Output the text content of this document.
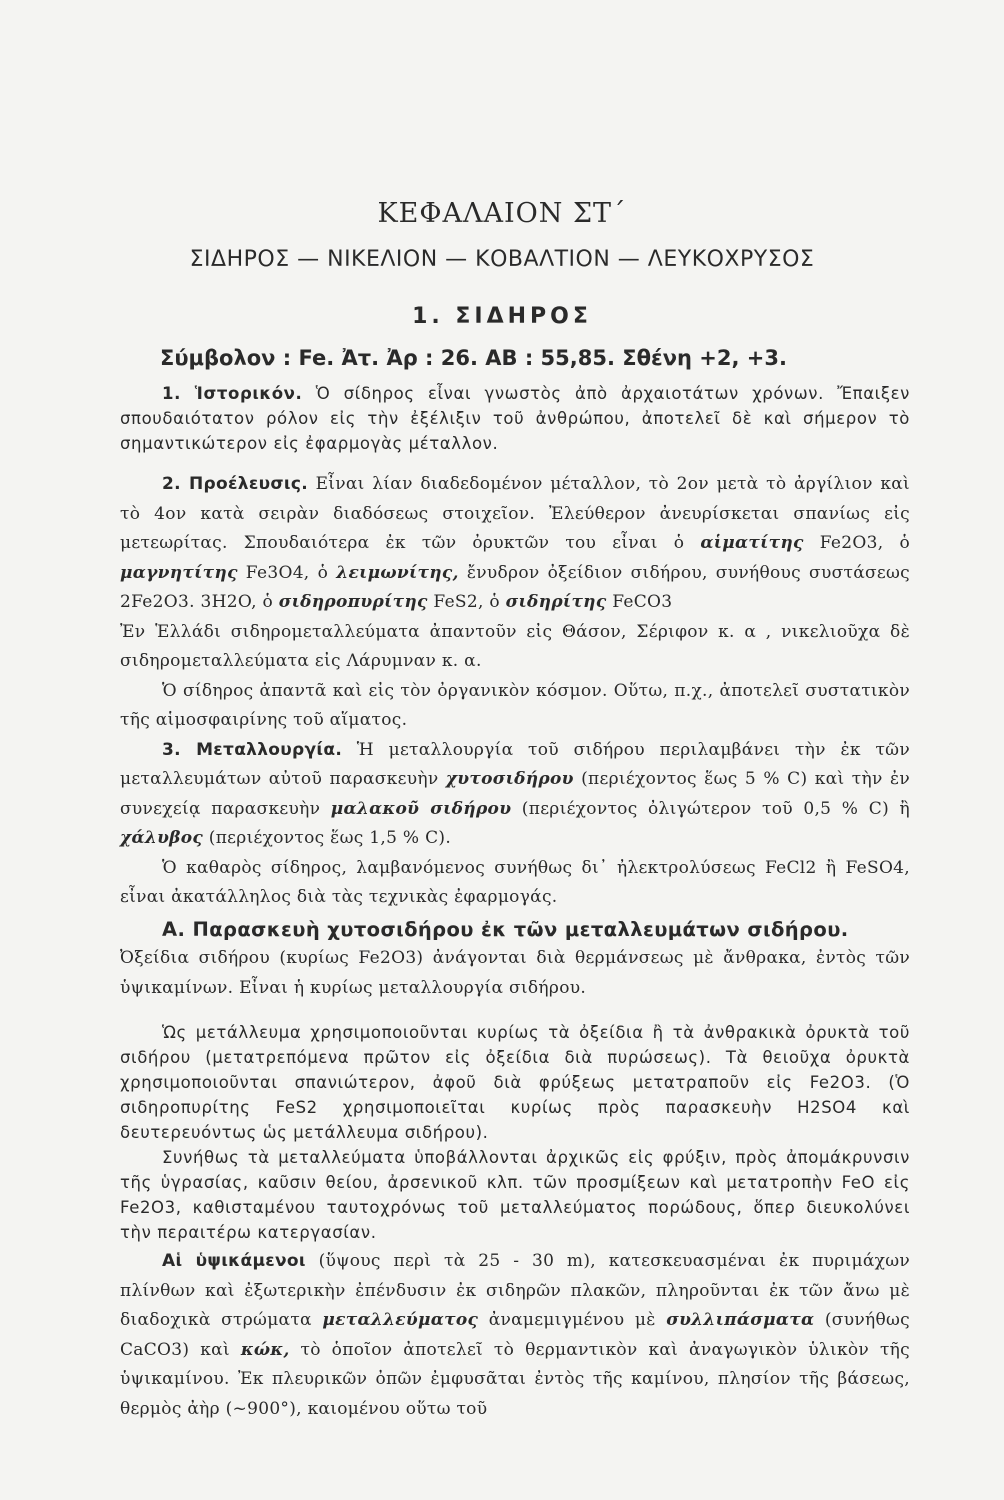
ΚΕΦΑΛΑΙΟΝ ΣΤ΄
ΣΙΔΗΡΟΣ — ΝΙΚΕΛΙΟΝ — ΚΟΒΑΛΤΙΟΝ — ΛΕΥΚΟΧΡΥΣΟΣ
1. ΣΙΔΗΡΟΣ
Σύμβολον : Fe. Ἀτ. Ἀρ : 26. ΑΒ : 55,85. Σθένη +2, +3.

1. Ἱστορικόν. Ὁ σίδηρος εἶναι γνωστὸς ἀπὸ ἀρχαιοτάτων χρόνων. Ἔπαιξεν σπουδαιότατον ρόλον εἰς τὴν ἐξέλιξιν τοῦ ἀνθρώπου, ἀποτελεῖ δὲ καὶ σήμερον τὸ σημαντικώτερον εἰς ἐφαρμογὰς μέταλλον.

2. Προέλευσις. Εἶναι λίαν διαδεδομένον μέταλλον, τὸ 2ον μετὰ τὸ ἀργίλιον καὶ τὸ 4ον κατὰ σειρὰν διαδόσεως στοιχεῖον. Ἐλεύθερον ἀνευρίσκεται σπανίως εἰς μετεωρίτας. Σπουδαιότερα ἐκ τῶν ὀρυκτῶν του εἶναι ὁ αἱματίτης Fe2O3, ὁ μαγνητίτης Fe3O4, ὁ λειμωνίτης, ἔνυδρον ὀξείδιον σιδήρου, συνήθους συστάσεως 2Fe2O3. 3H2O, ὁ σιδηροπυρίτης FeS2, ὁ σιδηρίτης FeCO3

Ἐν Ἑλλάδι σιδηρομεταλλεύματα ἀπαντοῦν εἰς Θάσον, Σέριφον κ. α , νικελιοῦχα δὲ σιδηρομεταλλεύματα εἰς Λάρυμναν κ. α.

Ὁ σίδηρος ἀπαντᾶ καὶ εἰς τὸν ὀργανικὸν κόσμον. Οὕτω, π.χ., ἀποτελεῖ συστατικὸν τῆς αἱμοσφαιρίνης τοῦ αἵματος.

3. Μεταλλουργία. Ἡ μεταλλουργία τοῦ σιδήρου περιλαμβάνει τὴν ἐκ τῶν μεταλλευμάτων αὐτοῦ παρασκευὴν χυτοσιδήρου (περιέχοντος ἕως 5 % C) καὶ τὴν ἐν συνεχείᾳ παρασκευὴν μαλακοῦ σιδήρου (περιέχοντος ὀλιγώτερον τοῦ 0,5 % C) ἢ χάλυβος (περιέχοντος ἕως 1,5 % C).

Ὁ καθαρὸς σίδηρος, λαμβανόμενος συνήθως δι᾽ ἠλεκτρολύσεως FeCl2 ἢ FeSO4, εἶναι ἀκατάλληλος διὰ τὰς τεχνικὰς ἐφαρμογάς.

Α. Παρασκευὴ χυτοσιδήρου ἐκ τῶν μεταλλευμάτων σιδήρου.

Ὀξείδια σιδήρου (κυρίως Fe2O3) ἀνάγονται διὰ θερμάνσεως μὲ ἄνθρακα, ἐντὸς τῶν ὑψικαμίνων. Εἶναι ἡ κυρίως μεταλλουργία σιδήρου.

Ὡς μετάλλευμα χρησιμοποιοῦνται κυρίως τὰ ὀξείδια ἢ τὰ ἀνθρακικὰ ὀρυκτὰ τοῦ σιδήρου (μετατρεπόμενα πρῶτον εἰς ὀξείδια διὰ πυρώσεως). Τὰ θειοῦχα ὀρυκτὰ χρησιμοποιοῦνται σπανιώτερον, ἀφοῦ διὰ φρύξεως μετατραποῦν εἰς Fe2O3. (Ὁ σιδηροπυρίτης FeS2 χρησιμοποιεῖται κυρίως πρὸς παρασκευὴν H2SO4 καὶ δευτερευόντως ὡς μετάλλευμα σιδήρου).

Συνήθως τὰ μεταλλεύματα ὑποβάλλονται ἀρχικῶς εἰς φρύξιν, πρὸς ἀπομάκρυνσιν τῆς ὑγρασίας, καῦσιν θείου, ἀρσενικοῦ κλπ. τῶν προσμίξεων καὶ μετατροπὴν FeO εἰς Fe2O3, καθισταμένου ταυτοχρόνως τοῦ μεταλλεύματος πορώδους, ὅπερ διευκολύνει τὴν περαιτέρω κατεργασίαν.

Αἱ ὑψικάμενοι (ὕψους περὶ τὰ 25 - 30 m), κατεσκευασμέναι ἐκ πυριμάχων πλίνθων καὶ ἐξωτερικὴν ἐπένδυσιν ἐκ σιδηρῶν πλακῶν, πληροῦνται ἐκ τῶν ἄνω μὲ διαδοχικὰ στρώματα μεταλλεύματος ἀναμεμιγμένου μὲ συλλιπάσματα (συνήθως CaCO3) καὶ κώκ, τὸ ὁποῖον ἀποτελεῖ τὸ θερμαντικὸν καὶ ἀναγωγικὸν ὑλικὸν τῆς ὑψικαμίνου. Ἐκ πλευρικῶν ὀπῶν ἐμφυσᾶται ἐντὸς τῆς καμίνου, πλησίον τῆς βάσεως, θερμὸς ἀὴρ (~900°), καιομένου οὕτω τοῦ
